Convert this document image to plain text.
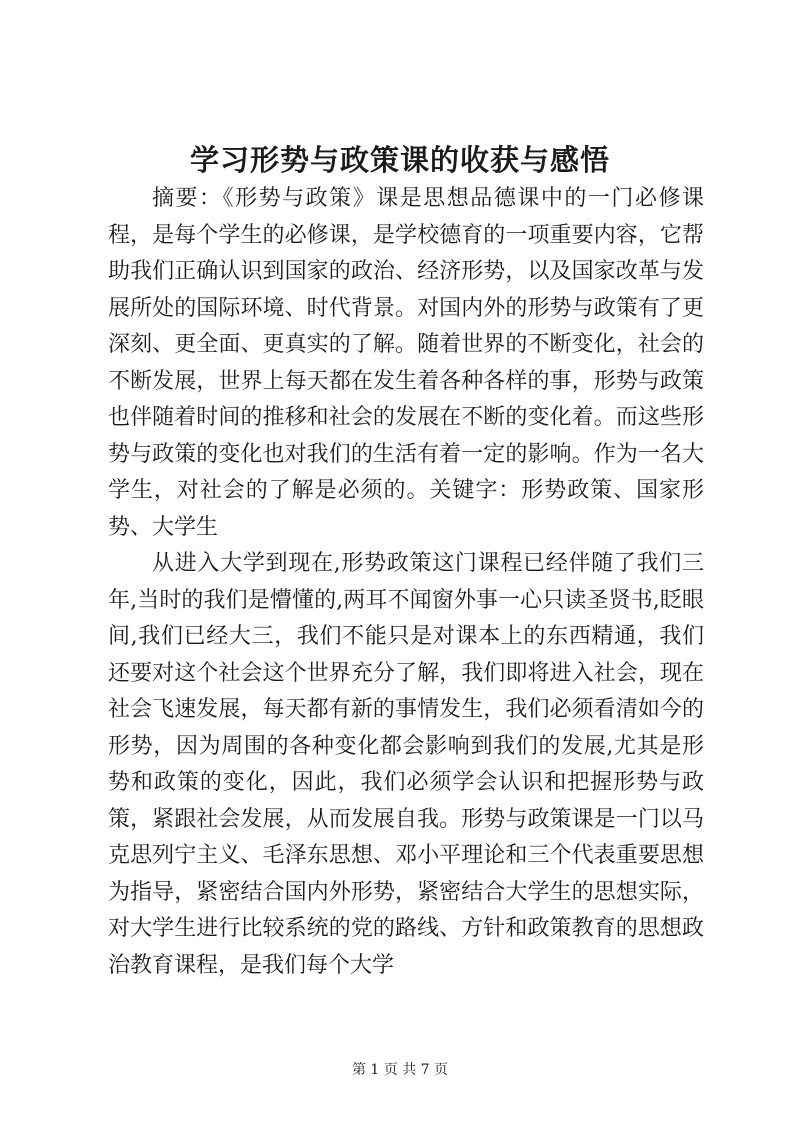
学习形势与政策课的收获与感悟

摘要：《形势与政策》课是思想品德课中的一门必修课程，是每个学生的必修课，是学校德育的一项重要内容，它帮助我们正确认识到国家的政治、经济形势，以及国家改革与发展所处的国际环境、时代背景。对国内外的形势与政策有了更深刻、更全面、更真实的了解。随着世界的不断变化，社会的不断发展，世界上每天都在发生着各种各样的事，形势与政策也伴随着时间的推移和社会的发展在不断的变化着。而这些形势与政策的变化也对我们的生活有着一定的影响。作为一名大学生，对社会的了解是必须的。关键字：形势政策、国家形势、大学生

从进入大学到现在,形势政策这门课程已经伴随了我们三年,当时的我们是懵懂的,两耳不闻窗外事一心只读圣贤书,眨眼间,我们已经大三，我们不能只是对课本上的东西精通，我们还要对这个社会这个世界充分了解，我们即将进入社会，现在社会飞速发展，每天都有新的事情发生，我们必须看清如今的形势，因为周围的各种变化都会影响到我们的发展,尤其是形势和政策的变化，因此，我们必须学会认识和把握形势与政策，紧跟社会发展，从而发展自我。形势与政策课是一门以马克思列宁主义、毛泽东思想、邓小平理论和三个代表重要思想为指导，紧密结合国内外形势，紧密结合大学生的思想实际，对大学生进行比较系统的党的路线、方针和政策教育的思想政治教育课程，是我们每个大学

第 1 页 共 7 页
